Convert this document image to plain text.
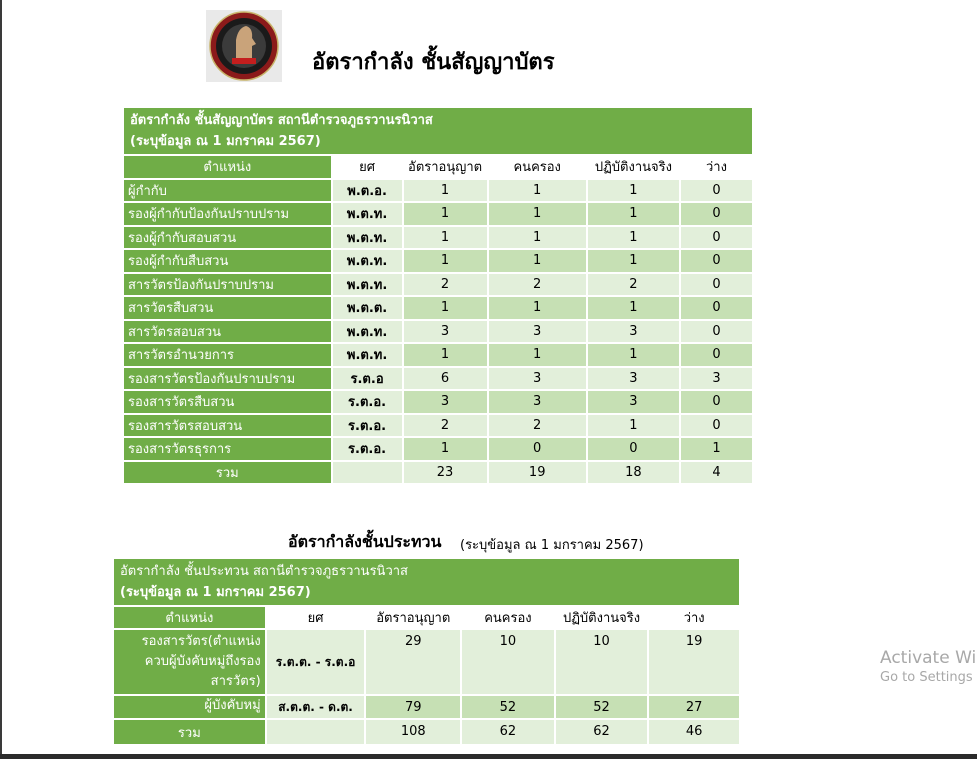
อัตรากำลัง ชั้นสัญญาบัตร
อัตรากำลัง ชั้นสัญญาบัตร สถานีตำรวจภูธรวานรนิวาส
(ระบุข้อมูล ณ 1 มกราคม 2567)					

ตำแหน่ง	ยศ	อัตราอนุญาต	คนครอง	ปฏิบัติงานจริง	ว่าง
ผู้กำกับ	พ.ต.อ.	1	1	1	0
รองผู้กำกับป้องกันปราบปราม	พ.ต.ท.	1	1	1	0
รองผู้กำกับสอบสวน	พ.ต.ท.	1	1	1	0
รองผู้กำกับสืบสวน	พ.ต.ท.	1	1	1	0
สารวัตรป้องกันปราบปราม	พ.ต.ท.	2	2	2	0
สารวัตรสืบสวน	พ.ต.ต.	1	1	1	0
สารวัตรสอบสวน	พ.ต.ท.	3	3	3	0
สารวัตรอำนวยการ	พ.ต.ท.	1	1	1	0
รองสารวัตรป้องกันปราบปราม	ร.ต.อ	6	3	3	3
รองสารวัตรสืบสวน	ร.ต.อ.	3	3	3	0
รองสารวัตรสอบสวน	ร.ต.อ.	2	2	1	0
รองสารวัตรธุรการ	ร.ต.อ.	1	0	0	1
รวม		23	19	18	4
อัตรากำลังชั้นประทวน (ระบุข้อมูล ณ 1 มกราคม 2567)
อัตรากำลัง ชั้นประทวน สถานีตำรวจภูธรวานรนิวาส
(ระบุข้อมูล ณ 1 มกราคม 2567)					

ตำแหน่ง	ยศ	อัตราอนุญาต	คนครอง	ปฏิบัติงานจริง	ว่าง
รองสารวัตร(ตำแหน่งควบผู้บังคับหมู่ถึงรองสารวัตร)	ร.ต.ต. - ร.ต.อ	29	10	10	19
ผู้บังคับหมู่	ส.ต.ต. - ด.ต.	79	52	52	27
รวม		108	62	62	46
Activate Wi
Go to Settings
